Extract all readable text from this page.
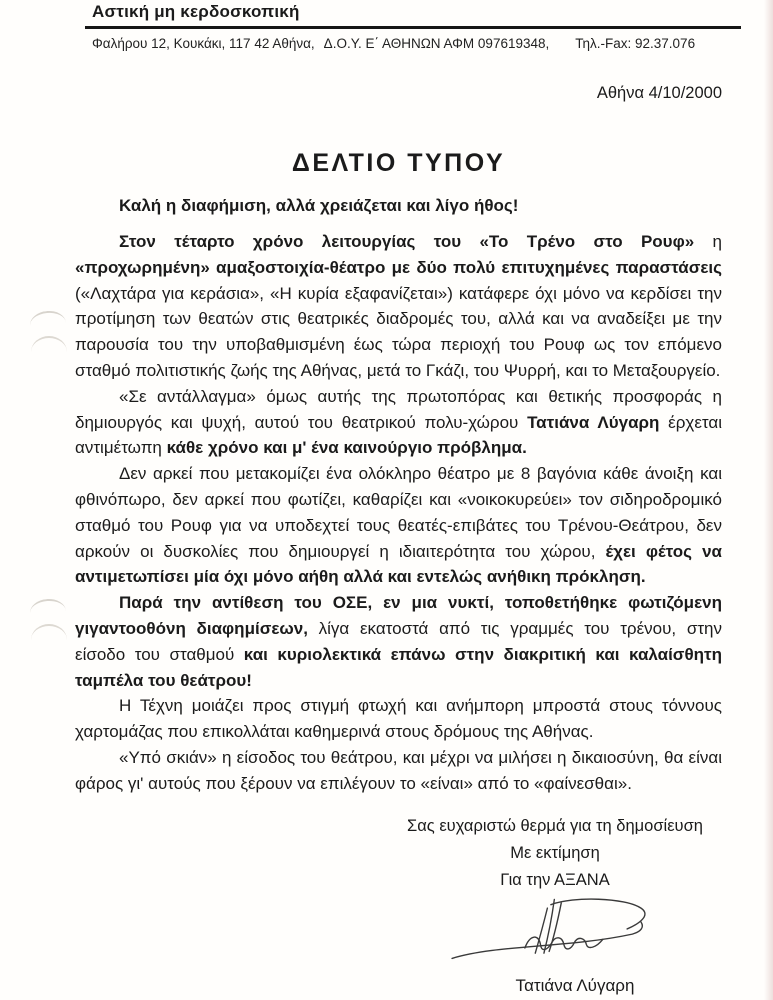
Αστική μη κερδοσκοπική
Φαλήρου 12, Κουκάκι, 117 42 Αθήνα, Δ.Ο.Υ. Ε΄ ΑΘΗΝΩΝ ΑΦΜ 097619348, Τηλ.-Fax: 92.37.076
Αθήνα 4/10/2000
ΔΕΛΤΙΟ ΤΥΠΟΥ

Καλή η διαφήμιση, αλλά χρειάζεται και λίγο ήθος!

Στον τέταρτο χρόνο λειτουργίας του «Το Τρένο στο Ρουφ» η «προχωρημένη» αμαξοστοιχία-θέατρο με δύο πολύ επιτυχημένες παραστάσεις («Λαχτάρα για κεράσια», «Η κυρία εξαφανίζεται») κατάφερε όχι μόνο να κερδίσει την προτίμηση των θεατών στις θεατρικές διαδρομές του, αλλά και να αναδείξει με την παρουσία του την υποβαθμισμένη έως τώρα περιοχή του Ρουφ ως τον επόμενο σταθμό πολιτιστικής ζωής της Αθήνας, μετά το Γκάζι, του Ψυρρή, και το Μεταξουργείο.

«Σε αντάλλαγμα» όμως αυτής της πρωτοπόρας και θετικής προσφοράς η δημιουργός και ψυχή, αυτού του θεατρικού πολυ-χώρου Τατιάνα Λύγαρη έρχεται αντιμέτωπη κάθε χρόνο και μ' ένα καινούργιο πρόβλημα.

Δεν αρκεί που μετακομίζει ένα ολόκληρο θέατρο με 8 βαγόνια κάθε άνοιξη και φθινόπωρο, δεν αρκεί που φωτίζει, καθαρίζει και «νοικοκυρεύει» τον σιδηροδρομικό σταθμό του Ρουφ για να υποδεχτεί τους θεατές-επιβάτες του Τρένου-Θεάτρου, δεν αρκούν οι δυσκολίες που δημιουργεί η ιδιαιτερότητα του χώρου, έχει φέτος να αντιμετωπίσει μία όχι μόνο αήθη αλλά και εντελώς ανήθικη πρόκληση.

Παρά την αντίθεση του ΟΣΕ, εν μια νυκτί, τοποθετήθηκε φωτιζόμενη γιγαντοοθόνη διαφημίσεων, λίγα εκατοστά από τις γραμμές του τρένου, στην είσοδο του σταθμού και κυριολεκτικά επάνω στην διακριτική και καλαίσθητη ταμπέλα του θεάτρου!

Η Τέχνη μοιάζει προς στιγμή φτωχή και ανήμπορη μπροστά στους τόννους χαρτομάζας που επικολλάται καθημερινά στους δρόμους της Αθήνας.

«Υπό σκιάν» η είσοδος του θεάτρου, και μέχρι να μιλήσει η δικαιοσύνη, θα είναι φάρος γι' αυτούς που ξέρουν να επιλέγουν το «είναι» από το «φαίνεσθαι».

Σας ευχαριστώ θερμά για τη δημοσίευση
Με εκτίμηση
Για την ΑΞΑΝΑ
Τατιάνα Λύγαρη
